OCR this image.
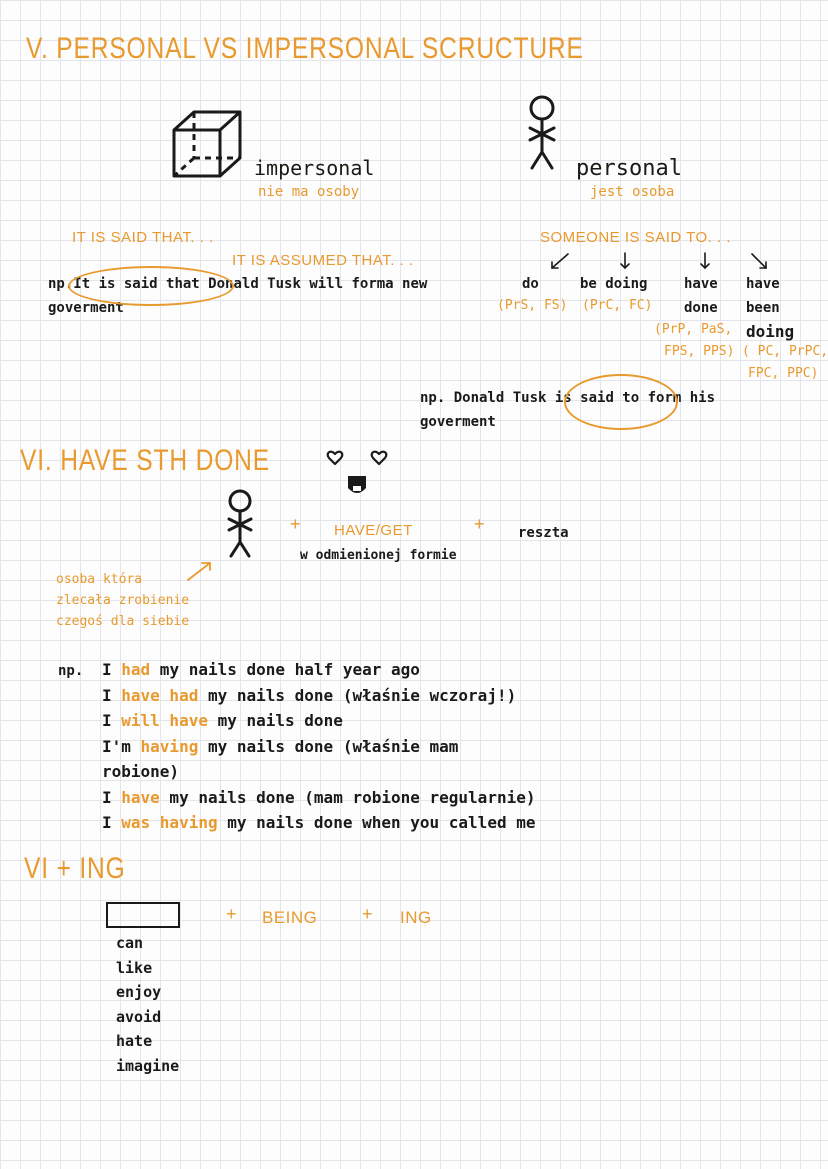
V. PERSONAL VS IMPERSONAL SCRUCTURE
impersonal
nie ma osoby
personal
jest osoba
IT IS SAID THAT. . .
IT IS ASSUMED THAT. . .
np.It is said that Donald Tusk will forma new
goverment
SOMEONE IS SAID TO. . .
do
(PrS, FS)
be doing
(PrC, FC)
have
done
have
been
doing
(PrP, PaS,
FPS, PPS) ( PC, PrPC,
FPC, PPC)
np. Donald Tusk is said to form his
goverment
VI. HAVE STH DONE
+ HAVE/GET	+ reszta
w odmienionej formie
osoba która
zlecała zrobienie
czegoś dla siebie
np. I had my nails done half year ago
I have had my nails done (właśnie wczoraj!)
I will have my nails done
I'm having my nails done (właśnie mam
robione)
I have my nails done (mam robione regularnie)
I was having my nails done when you called me
VI + ING
+ BEING + ING
can
like
enjoy
avoid
hate
imagine
